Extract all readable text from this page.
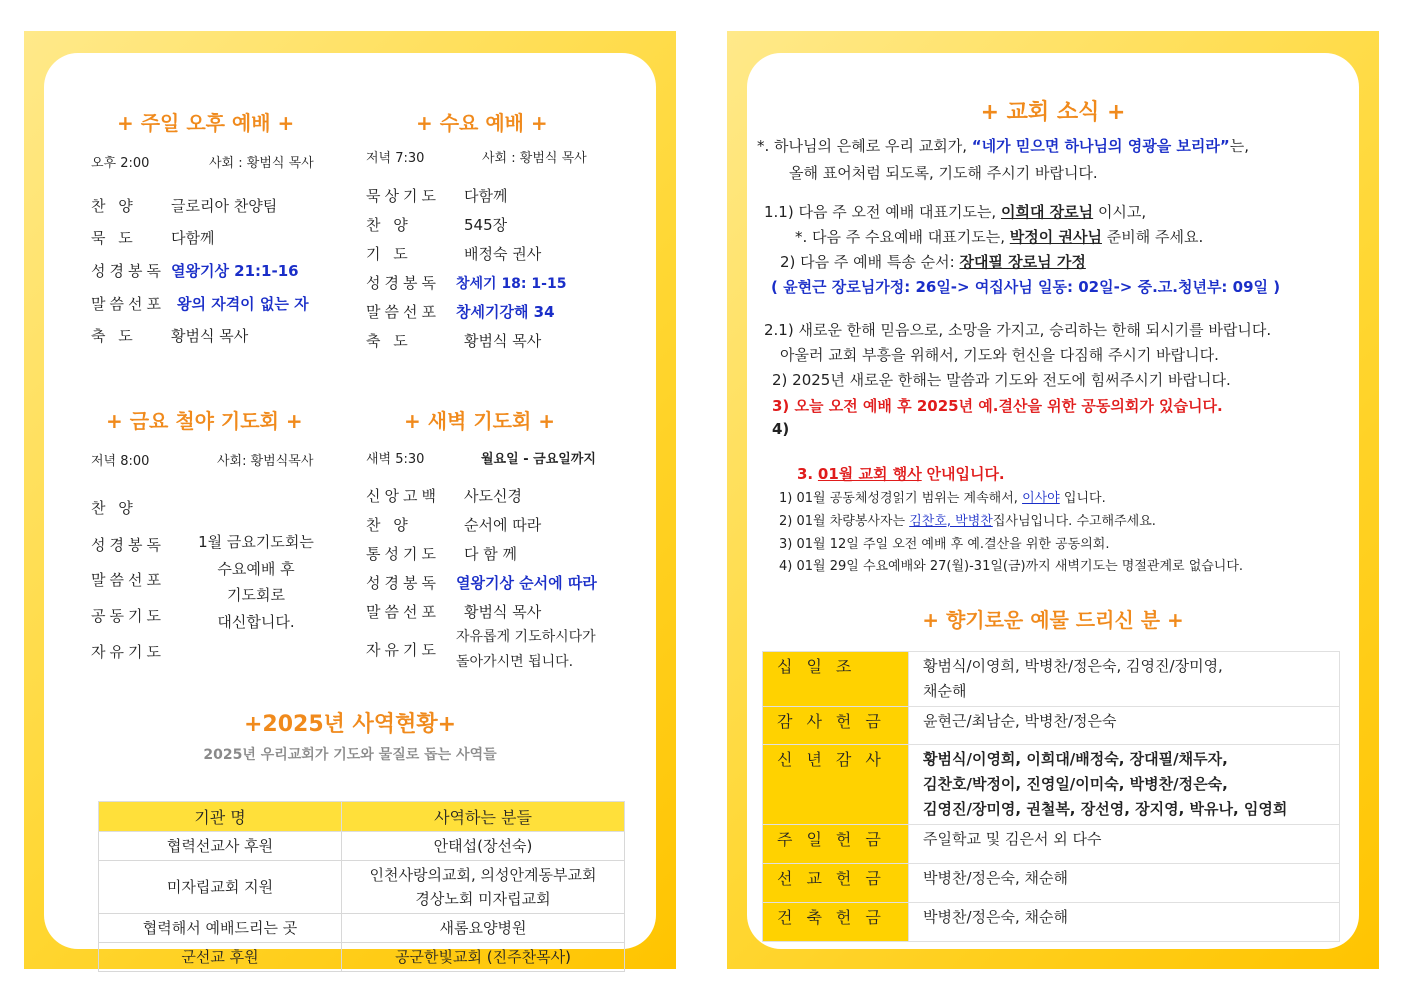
+ 주일 오후 예배 +
오후 2:00	사회 : 황범식 목사
찬 양 글로리아 찬양팀
묵 도 다함께
성경봉독 열왕기상 21:1-16
말씀선포 왕의 자격이 없는 자
축 도 황범식 목사
+ 수요 예배 +
저녁 7:30	사회 : 황범식 목사
묵상기도 다함께
찬 양	545장
기 도	배정숙 권사
성경봉독 창세기 18: 1-15
말씀선포 창세기강해 34
축 도	황범식 목사
+ 금요 철야 기도회 +
저녁 8:00	사회: 황범식목사
찬 양
성경봉독
말씀선포
공동기도
자유기도
1월 금요기도회는
수요예배 후
기도회로
대신합니다.
+ 새벽 기도회 +
새벽 5:30	월요일 - 금요일까지
신앙고백 사도신경
찬 양	순서에 따라
통성기도 다 함 께
성경봉독 열왕기상 순서에 따라
말씀선포 황범식 목사
자유기도
자유롭게 기도하시다가
돌아가시면 됩니다.
+2025년 사역현황+
2025년 우리교회가 기도와 물질로 돕는 사역들
기관 명	사역하는 분들
협력선교사 후원	안태섭(장선숙)

미자립교회 지원	인천사랑의교회, 의성안계동부교회
경상노회 미자립교회

협력해서 예배드리는 곳	새롬요양병원

군선교 후원	공군한빛교회 (진주찬목사)
+ 교회 소식 +
*. 하나님의 은혜로 우리 교회가, “네가 믿으면 하나님의 영광을 보리라”는,
올해 표어처럼 되도록, 기도해 주시기 바랍니다.
1.1) 다음 주 오전 예배 대표기도는, 이희대 장로님 이시고,
*. 다음 주 수요예배 대표기도는, 박정이 권사님 준비해 주세요.
2) 다음 주 예배 특송 순서: 장대필 장로님 가정
( 윤현근 장로님가정: 26일-> 여집사님 일동: 02일-> 중.고.청년부: 09일 )
2.1) 새로운 한해 믿음으로, 소망을 가지고, 승리하는 한해 되시기를 바랍니다.
아울러 교회 부흥을 위해서, 기도와 헌신을 다짐해 주시기 바랍니다.
2) 2025년 새로운 한해는 말씀과 기도와 전도에 힘써주시기 바랍니다.
3) 오늘 오전 예배 후 2025년 예.결산을 위한 공동의회가 있습니다.
4)
3. 01월 교회 행사 안내입니다.
1) 01월 공동체성경읽기 범위는 계속해서, 이사야 입니다.
2) 01월 차량봉사자는 김찬호, 박병찬집사님입니다. 수고해주세요.
3) 01월 12일 주일 오전 예배 후 예.결산을 위한 공동의회.
4) 01월 29일 수요예배와 27(월)-31일(금)까지 새벽기도는 명절관계로 없습니다.
+ 향기로운 예물 드리신 분 +
십일조	황범식/이영희, 박병찬/정은숙, 김영진/장미영,
채순해

감사헌금	윤현근/최남순, 박병찬/정은숙

신년감사	황범식/이영희, 이희대/배정숙, 장대필/채두자,
김찬호/박정이, 진영일/이미숙, 박병찬/정은숙,
김영진/장미영, 권철복, 장선영, 장지영, 박유나, 임영희

주일헌금	주일학교 및 김은서 외 다수

선교헌금	박병찬/정은숙, 채순해

건축헌금	박병찬/정은숙, 채순해
